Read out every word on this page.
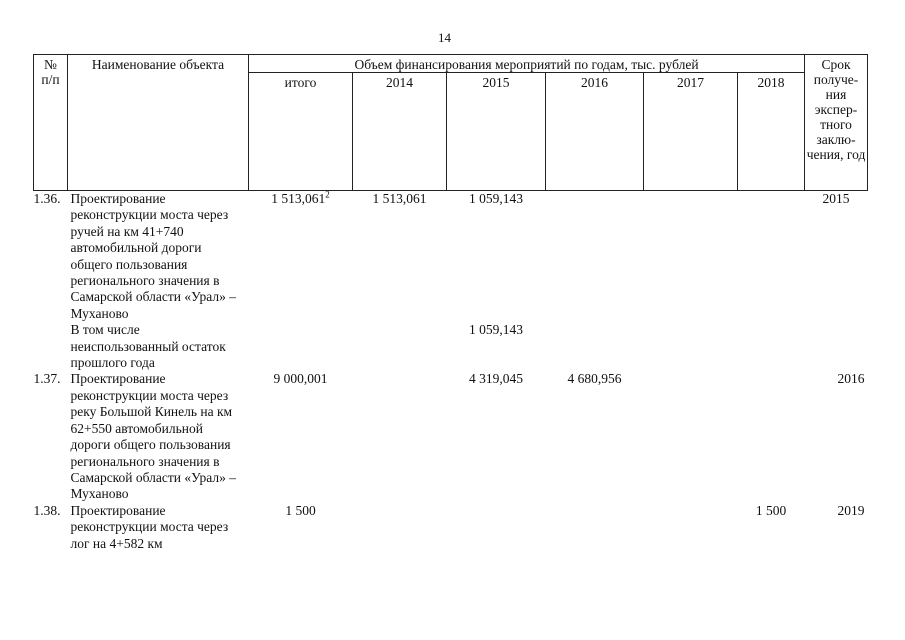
14
№ п/п	Наименование объекта	Объем финансирования мероприятий по годам, тыс. рублей						Срок получе-ния экспер-тного заклю-чения, год
		итого	2014	2015	2016	2017	2018	
1.36.	Проектирование реконструкции моста через ручей на км 41+740 автомобильной дороги общего пользования регионального значения в Самарской области «Урал» – Муханово	1 513,061$^2$	1 513,061	1 059,143				2015
	В том числе неиспользованный остаток прошлого года			1 059,143				
1.37.	Проектирование реконструкции моста через реку Большой Кинель на км 62+550 автомобильной дороги общего пользования регионального значения в Самарской области «Урал» – Муханово	9 000,001		4 319,045	4 680,956			2016
1.38.	Проектирование реконструкции моста через лог на 4+582 км	1 500					1 500	2019
